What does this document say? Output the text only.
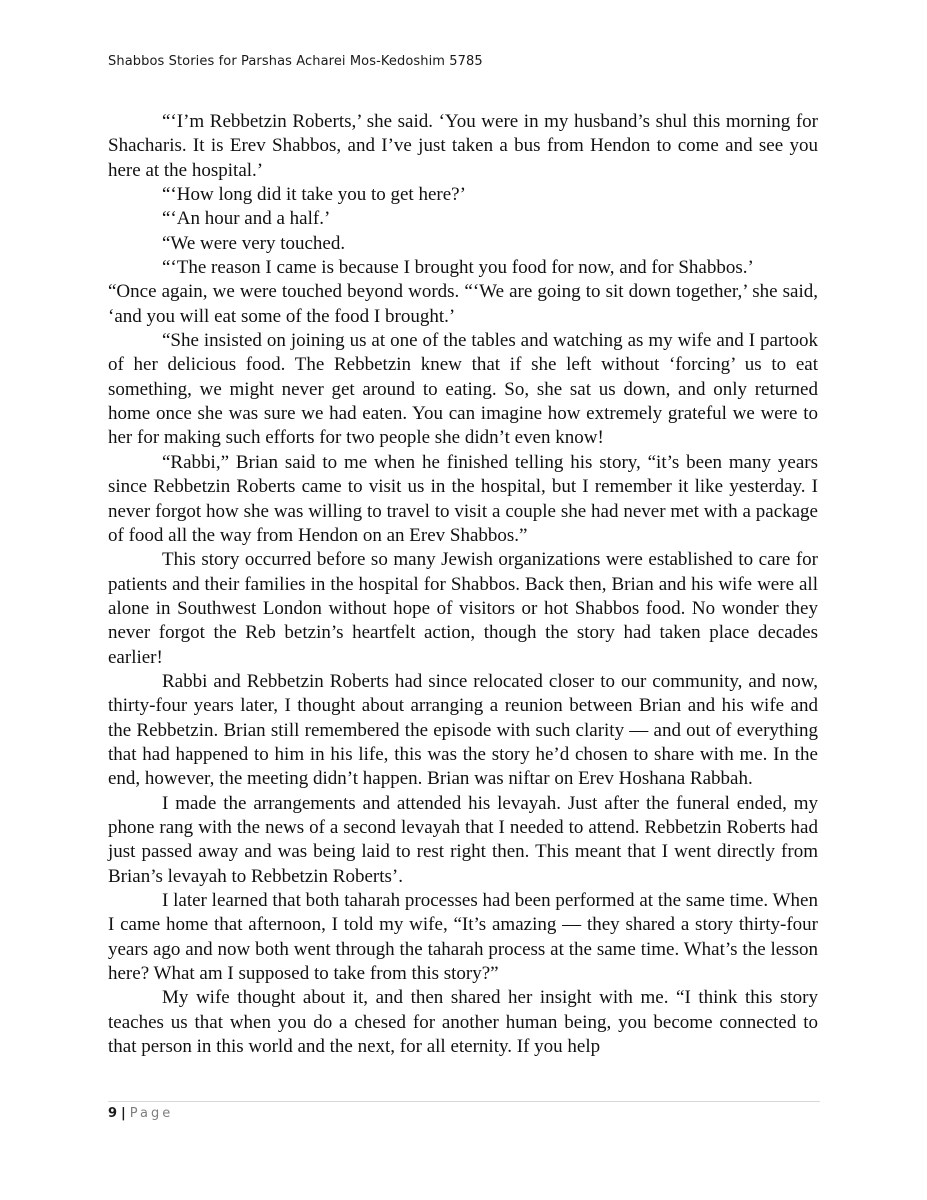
Shabbos Stories for Parshas Acharei Mos-Kedoshim 5785

“‘I’m Rebbetzin Roberts,’ she said. ‘You were in my husband’s shul this morning for Shacharis. It is Erev Shabbos, and I’ve just taken a bus from Hendon to come and see you here at the hospital.’

“‘How long did it take you to get here?’

“‘An hour and a half.’

“We were very touched.

“‘The reason I came is because I brought you food for now, and for Shabbos.’

“Once again, we were touched beyond words. “‘We are going to sit down together,’ she said, ‘and you will eat some of the food I brought.’

“She insisted on joining us at one of the tables and watching as my wife and I partook of her delicious food. The Rebbetzin knew that if she left without ‘forcing’ us to eat something, we might never get around to eating. So, she sat us down, and only returned home once she was sure we had eaten. You can imagine how extremely grateful we were to her for making such efforts for two people she didn’t even know!

“Rabbi,” Brian said to me when he finished telling his story, “it’s been many years since Rebbetzin Roberts came to visit us in the hospital, but I remember it like yesterday. I never forgot how she was willing to travel to visit a couple she had never met with a package of food all the way from Hendon on an Erev Shabbos.”

This story occurred before so many Jewish organizations were established to care for patients and their families in the hospital for Shabbos. Back then, Brian and his wife were all alone in Southwest London without hope of visitors or hot Shabbos food. No wonder they never forgot the Reb betzin’s heartfelt action, though the story had taken place decades earlier!

Rabbi and Rebbetzin Roberts had since relocated closer to our community, and now, thirty-four years later, I thought about arranging a reunion between Brian and his wife and the Rebbetzin. Brian still remembered the episode with such clarity — and out of everything that had happened to him in his life, this was the story he’d chosen to share with me. In the end, however, the meeting didn’t happen. Brian was niftar on Erev Hoshana Rabbah.

I made the arrangements and attended his levayah. Just after the funeral ended, my phone rang with the news of a second levayah that I needed to attend. Rebbetzin Roberts had just passed away and was being laid to rest right then. This meant that I went directly from Brian’s levayah to Rebbetzin Roberts’.

I later learned that both taharah processes had been performed at the same time. When I came home that afternoon, I told my wife, “It’s amazing — they shared a story thirty-four years ago and now both went through the taharah process at the same time. What’s the lesson here? What am I supposed to take from this story?”

My wife thought about it, and then shared her insight with me. “I think this story teaches us that when you do a chesed for another human being, you become connected to that person in this world and the next, for all eternity. If you help

9 | Page
